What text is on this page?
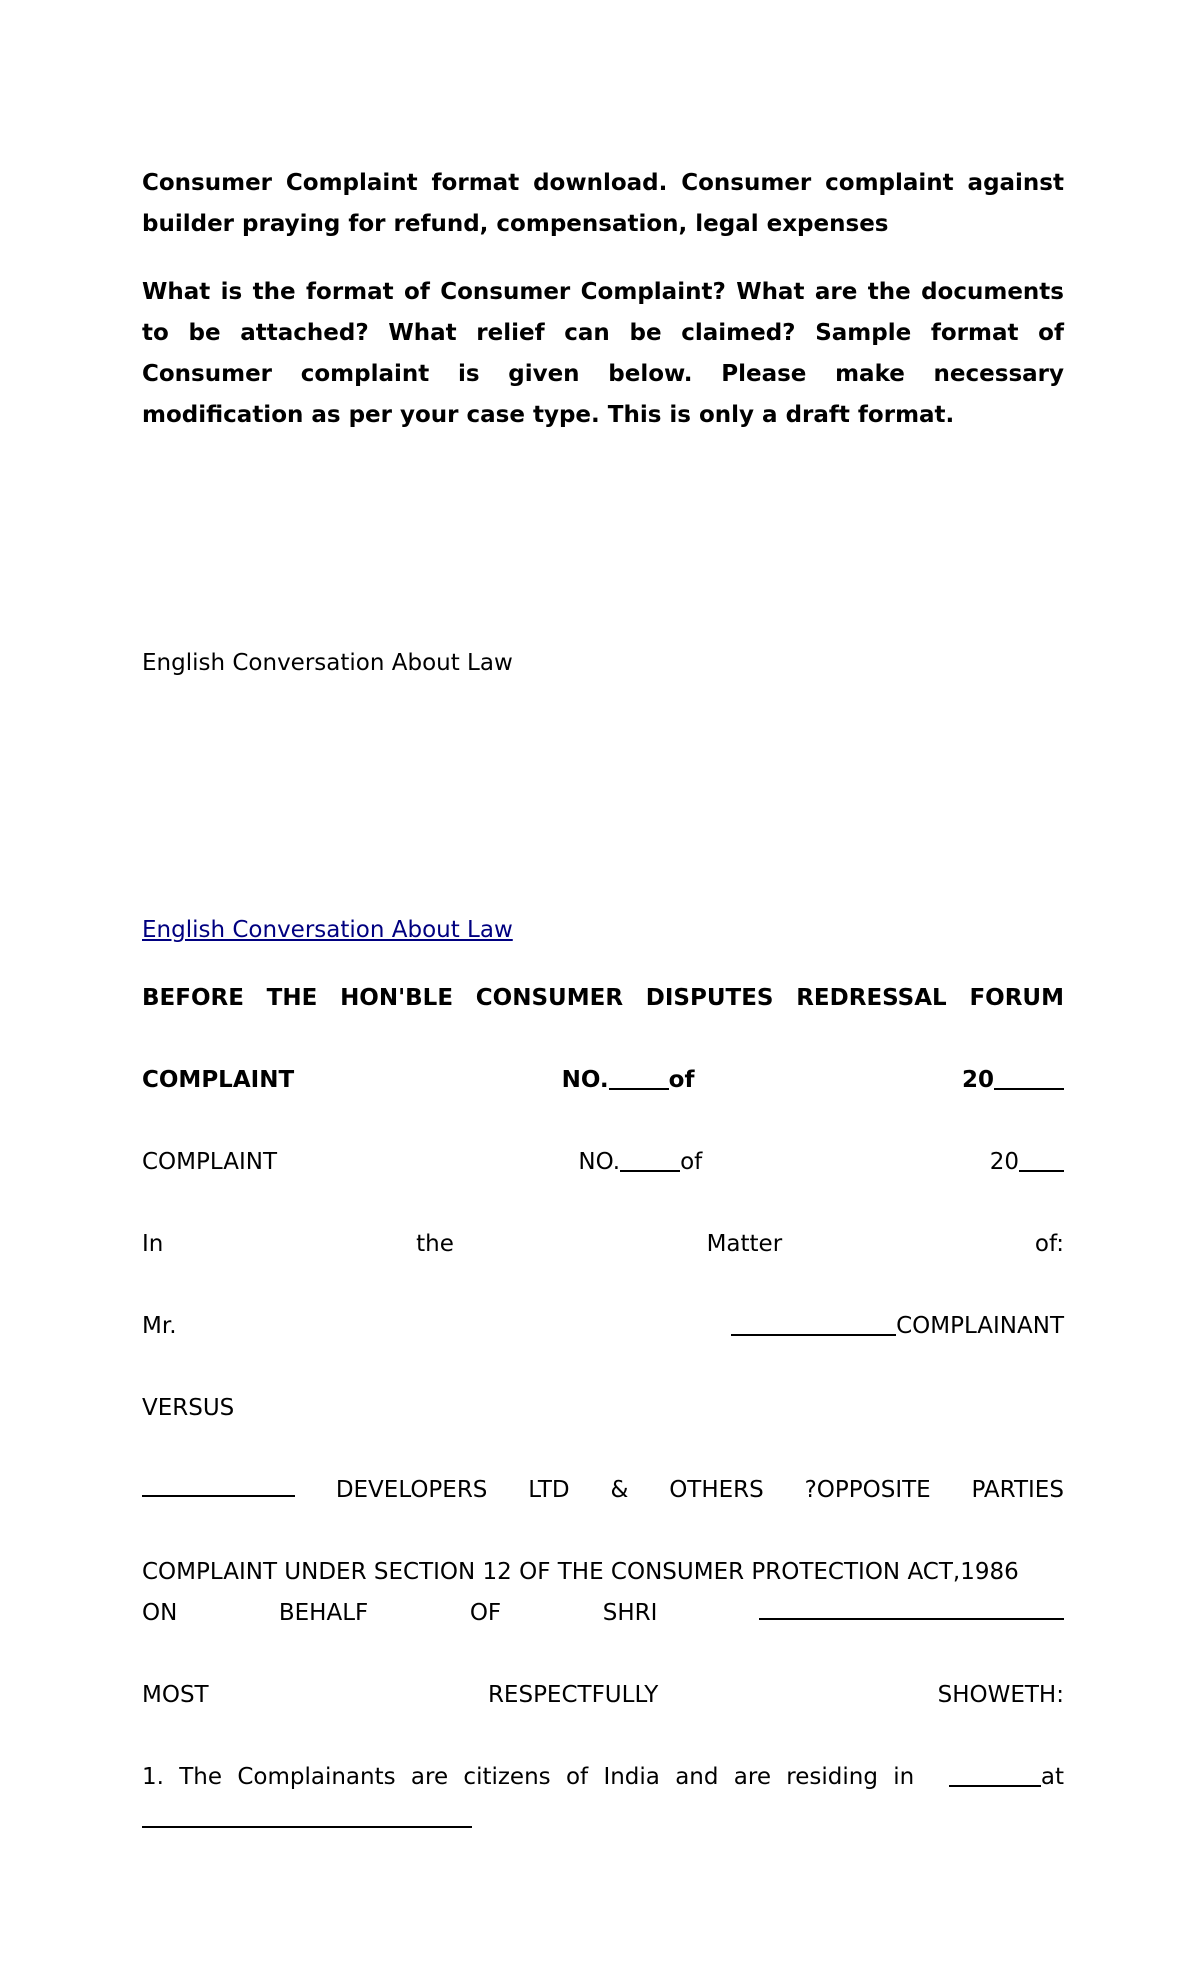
Consumer Complaint format download. Consumer complaint against builder praying for refund, compensation, legal expenses

What is the format of Consumer Complaint? What are the documents to be attached? What relief can be claimed? Sample format of Consumer complaint is given below. Please make necessary modification as per your case type. This is only a draft format.

English Conversation About Law
English Conversation About Law
BEFORE THE HON'BLE CONSUMER DISPUTES REDRESSAL FORUM
COMPLAINT	NO.	of	20
COMPLAINT	NO.	of	20
In	the	Matter	of:
Mr.	COMPLAINANT
VERSUS
DEVELOPERS LTD & OTHERS ?OPPOSITE PARTIES
COMPLAINT UNDER SECTION 12 OF THE CONSUMER PROTECTION ACT,1986
ON	BEHALF	OF	SHRI
MOST	RESPECTFULLY	SHOWETH:
1. The Complainants are citizens of India and are residing in	at
